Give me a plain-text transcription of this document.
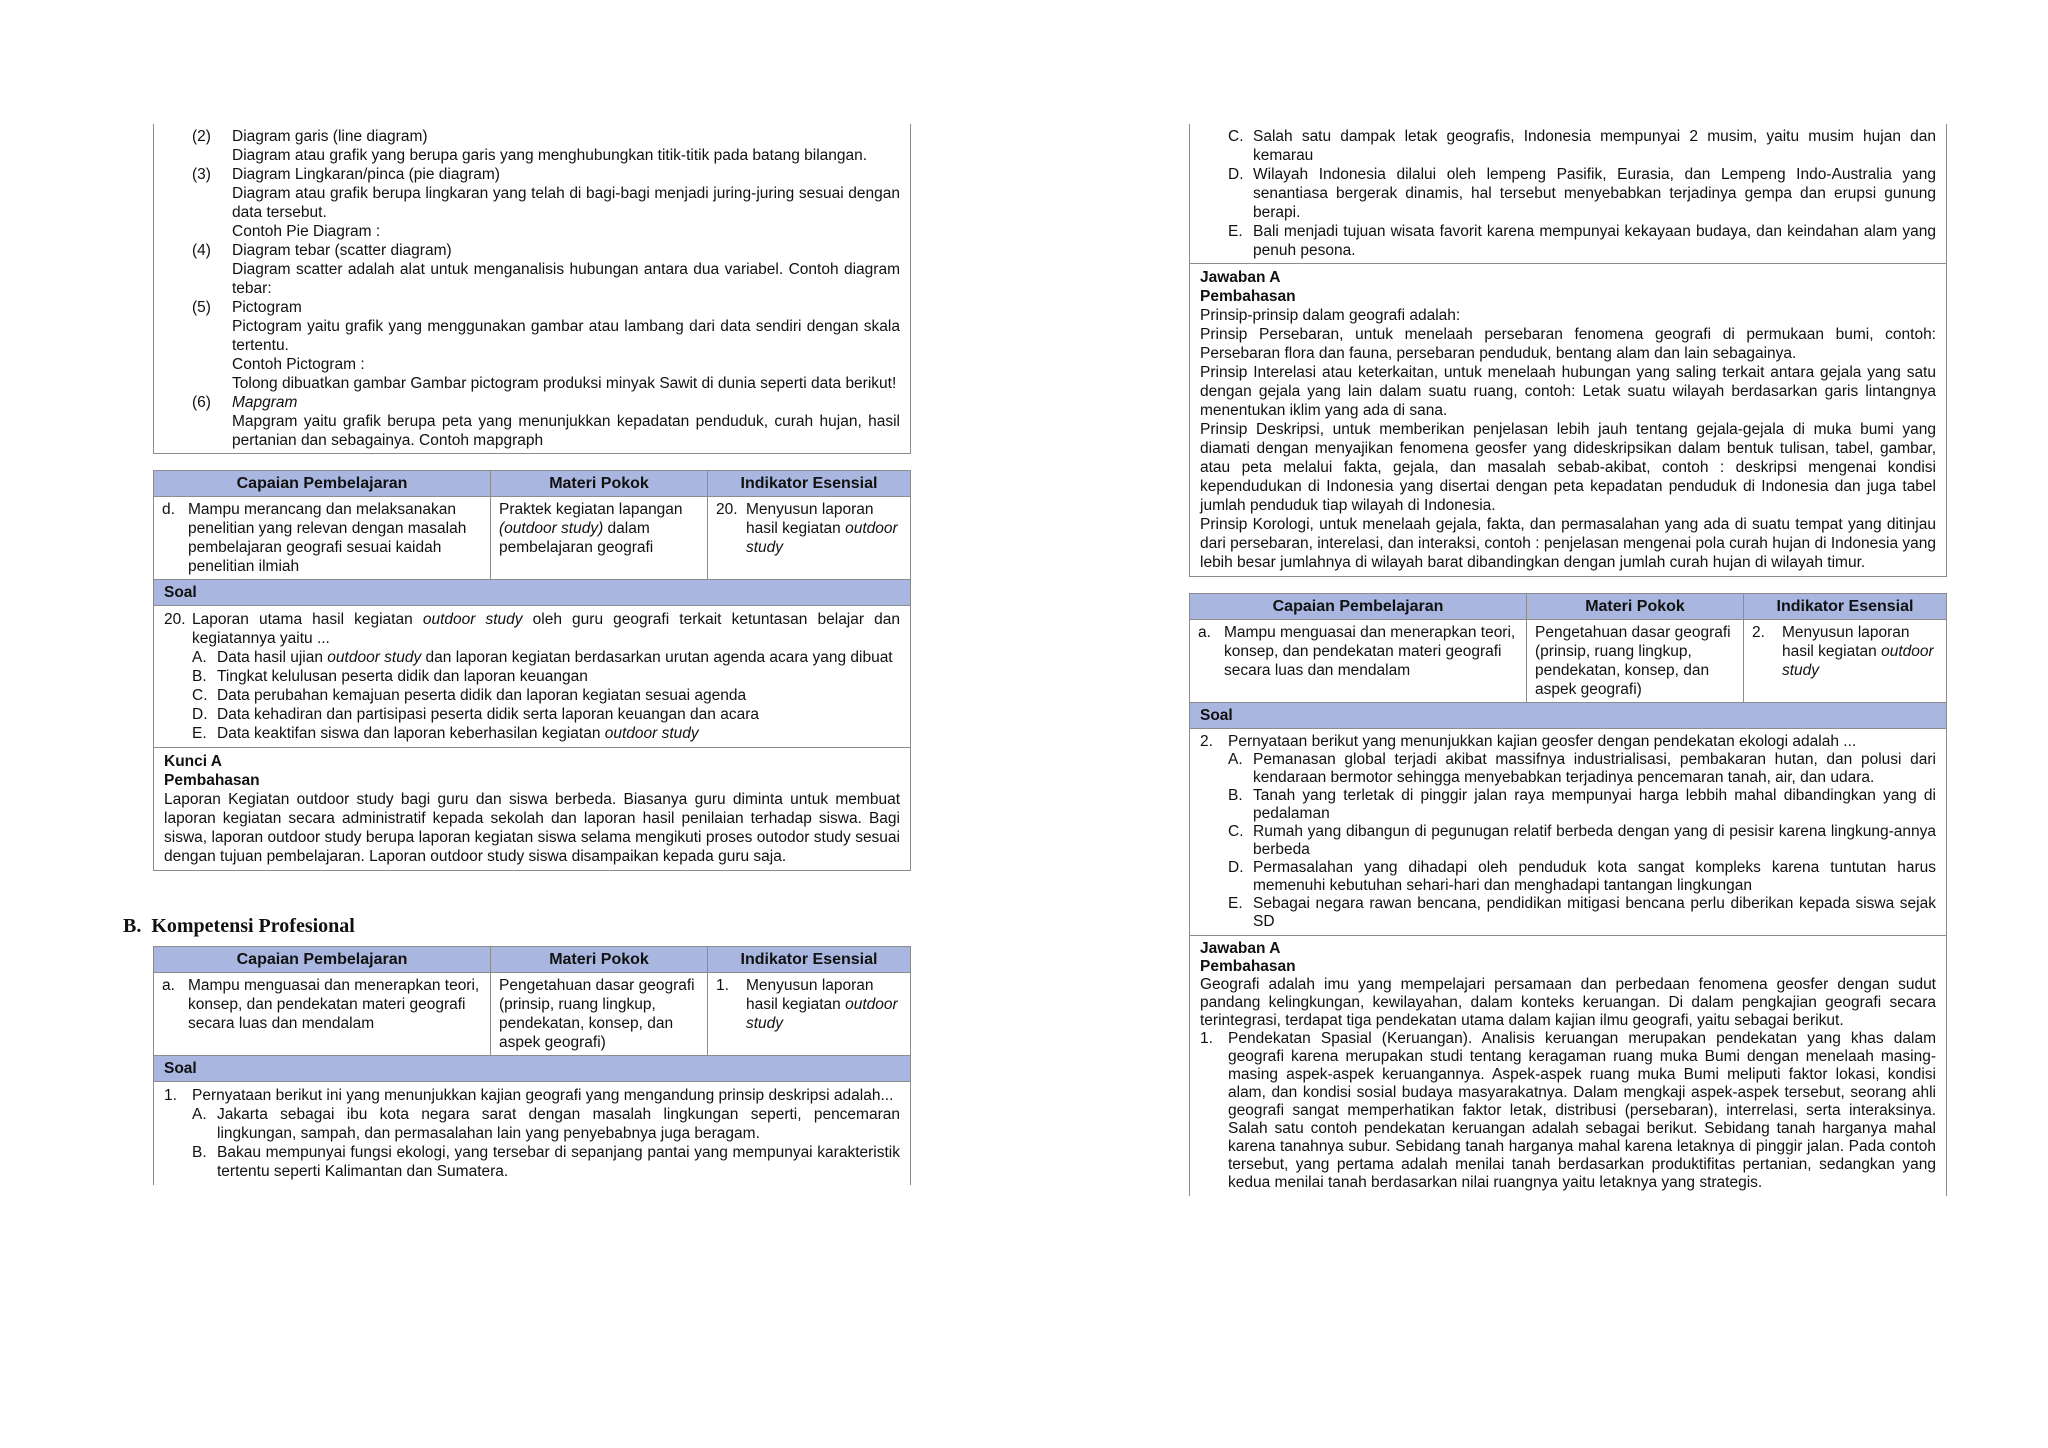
(2)	Diagram garis (line diagram)
Diagram atau grafik yang berupa garis yang menghubungkan titik-titik pada batang bilangan.
(3)	Diagram Lingkaran/pinca (pie diagram)
Diagram atau grafik berupa lingkaran yang telah di bagi-bagi menjadi juring-juring sesuai dengan data tersebut.
Contoh Pie Diagram :
(4)	Diagram tebar (scatter diagram)
Diagram scatter adalah alat untuk menganalisis hubungan antara dua variabel. Contoh diagram tebar:
(5)	Pictogram
Pictogram yaitu grafik yang menggunakan gambar atau lambang dari data sendiri dengan skala tertentu.
Contoh Pictogram :
Tolong dibuatkan gambar Gambar pictogram produksi minyak Sawit di dunia seperti data berikut!
(6)	Mapgram
Mapgram yaitu grafik berupa peta yang menunjukkan kepadatan penduduk, curah hujan, hasil pertanian dan sebagainya. Contoh mapgraph
Capaian Pembelajaran	Materi Pokok	Indikator Esensial

d. Mampu merancang dan melaksanakan penelitian yang relevan dengan masalah pembelajaran geografi sesuai kaidah penelitian ilmiah	Praktek kegiatan lapangan (outdoor study) dalam pembelajaran geografi	20. Menyusun laporan hasil kegiatan outdoor study
Soal
20. Laporan utama hasil kegiatan outdoor study oleh guru geografi terkait ketuntasan belajar dan kegiatannya yaitu ...
A. Data hasil ujian outdoor study dan laporan kegiatan berdasarkan urutan agenda acara yang dibuat
B. Tingkat kelulusan peserta didik dan laporan keuangan
C. Data perubahan kemajuan peserta didik dan laporan kegiatan sesuai agenda
D. Data kehadiran dan partisipasi peserta didik serta laporan keuangan dan acara
E. Data keaktifan siswa dan laporan keberhasilan kegiatan outdoor study
Kunci A
Pembahasan
Laporan Kegiatan outdoor study bagi guru dan siswa berbeda. Biasanya guru diminta untuk membuat laporan kegiatan secara administratif kepada sekolah dan laporan hasil penilaian terhadap siswa. Bagi siswa, laporan outdoor study berupa laporan kegiatan siswa selama mengikuti proses outodor study sesuai dengan tujuan pembelajaran. Laporan outdoor study siswa disampaikan kepada guru saja.
B.  Kompetensi Profesional
Capaian Pembelajaran	Materi Pokok	Indikator Esensial

a. Mampu menguasai dan menerapkan teori, konsep, dan pendekatan materi geografi secara luas dan mendalam	Pengetahuan dasar geografi (prinsip, ruang lingkup, pendekatan, konsep, dan aspek geografi)	1. Menyusun laporan hasil kegiatan outdoor study
Soal
1. Pernyataan berikut ini yang menunjukkan kajian geografi yang mengandung prinsip deskripsi adalah...
A. Jakarta sebagai ibu kota negara sarat dengan masalah lingkungan seperti, pencemaran lingkungan, sampah, dan permasalahan lain yang penyebabnya juga beragam.
B. Bakau mempunyai fungsi ekologi, yang tersebar di sepanjang pantai yang mempunyai karakteristik tertentu seperti Kalimantan dan Sumatera.
C. Salah satu dampak letak geografis, Indonesia mempunyai 2 musim, yaitu musim hujan dan kemarau
D. Wilayah Indonesia dilalui oleh lempeng Pasifik, Eurasia, dan Lempeng Indo-Australia yang senantiasa bergerak dinamis, hal tersebut menyebabkan terjadinya gempa dan erupsi gunung berapi.
E. Bali menjadi tujuan wisata favorit karena mempunyai kekayaan budaya, dan keindahan alam yang penuh pesona.
Jawaban A
Pembahasan
Prinsip-prinsip dalam geografi adalah:
Prinsip Persebaran, untuk menelaah persebaran fenomena geografi di permukaan bumi, contoh: Persebaran flora dan fauna, persebaran penduduk, bentang alam dan lain sebagainya.
Prinsip Interelasi atau keterkaitan, untuk menelaah hubungan yang saling terkait antara gejala yang satu dengan gejala yang lain dalam suatu ruang, contoh: Letak suatu wilayah berdasarkan garis lintangnya menentukan iklim yang ada di sana.
Prinsip Deskripsi, untuk memberikan penjelasan lebih jauh tentang gejala-gejala di muka bumi yang diamati dengan menyajikan fenomena geosfer yang dideskripsikan dalam bentuk tulisan, tabel, gambar, atau peta melalui fakta, gejala, dan masalah sebab-akibat, contoh : deskripsi mengenai kondisi kependudukan di Indonesia yang disertai dengan peta kepadatan penduduk di Indonesia dan juga tabel jumlah penduduk tiap wilayah di Indonesia.
Prinsip Korologi, untuk menelaah gejala, fakta, dan permasalahan yang ada di suatu tempat yang ditinjau dari persebaran, interelasi, dan interaksi, contoh : penjelasan mengenai pola curah hujan di Indonesia yang lebih besar jumlahnya di wilayah barat dibandingkan dengan jumlah curah hujan di wilayah timur.
Capaian Pembelajaran	Materi Pokok	Indikator Esensial

a. Mampu menguasai dan menerapkan teori, konsep, dan pendekatan materi geografi secara luas dan mendalam	Pengetahuan dasar geografi (prinsip, ruang lingkup, pendekatan, konsep, dan aspek geografi)	2. Menyusun laporan hasil kegiatan outdoor study
Soal
2. Pernyataan berikut yang menunjukkan kajian geosfer dengan pendekatan ekologi adalah ...
A. Pemanasan global terjadi akibat massifnya industrialisasi, pembakaran hutan, dan polusi dari kendaraan bermotor sehingga menyebabkan terjadinya pencemaran tanah, air, dan udara.
B. Tanah yang terletak di pinggir jalan raya mempunyai harga lebbih mahal dibandingkan yang di pedalaman
C. Rumah yang dibangun di pegunugan relatif berbeda dengan yang di pesisir karena lingkung-annya berbeda
D. Permasalahan yang dihadapi oleh penduduk kota sangat kompleks karena tuntutan harus memenuhi kebutuhan sehari-hari dan menghadapi tantangan lingkungan
E. Sebagai negara rawan bencana, pendidikan mitigasi bencana perlu diberikan kepada siswa sejak SD
Jawaban A
Pembahasan
Geografi adalah imu yang mempelajari persamaan dan perbedaan fenomena geosfer dengan sudut pandang kelingkungan, kewilayahan, dalam konteks keruangan. Di dalam pengkajian geografi secara terintegrasi, terdapat tiga pendekatan utama dalam kajian ilmu geografi, yaitu sebagai berikut.
1. Pendekatan Spasial (Keruangan). Analisis keruangan merupakan pendekatan yang khas dalam geografi karena merupakan studi tentang keragaman ruang muka Bumi dengan menelaah masing-masing aspek-aspek keruangannya. Aspek-aspek ruang muka Bumi meliputi faktor lokasi, kondisi alam, dan kondisi sosial budaya masyarakatnya. Dalam mengkaji aspek-aspek tersebut, seorang ahli geografi sangat memperhatikan faktor letak, distribusi (persebaran), interrelasi, serta interaksinya. Salah satu contoh pendekatan keruangan adalah sebagai berikut. Sebidang tanah harganya mahal karena tanahnya subur. Sebidang tanah harganya mahal karena letaknya di pinggir jalan. Pada contoh tersebut, yang pertama adalah menilai tanah berdasarkan produktifitas pertanian, sedangkan yang kedua menilai tanah berdasarkan nilai ruangnya yaitu letaknya yang strategis.
